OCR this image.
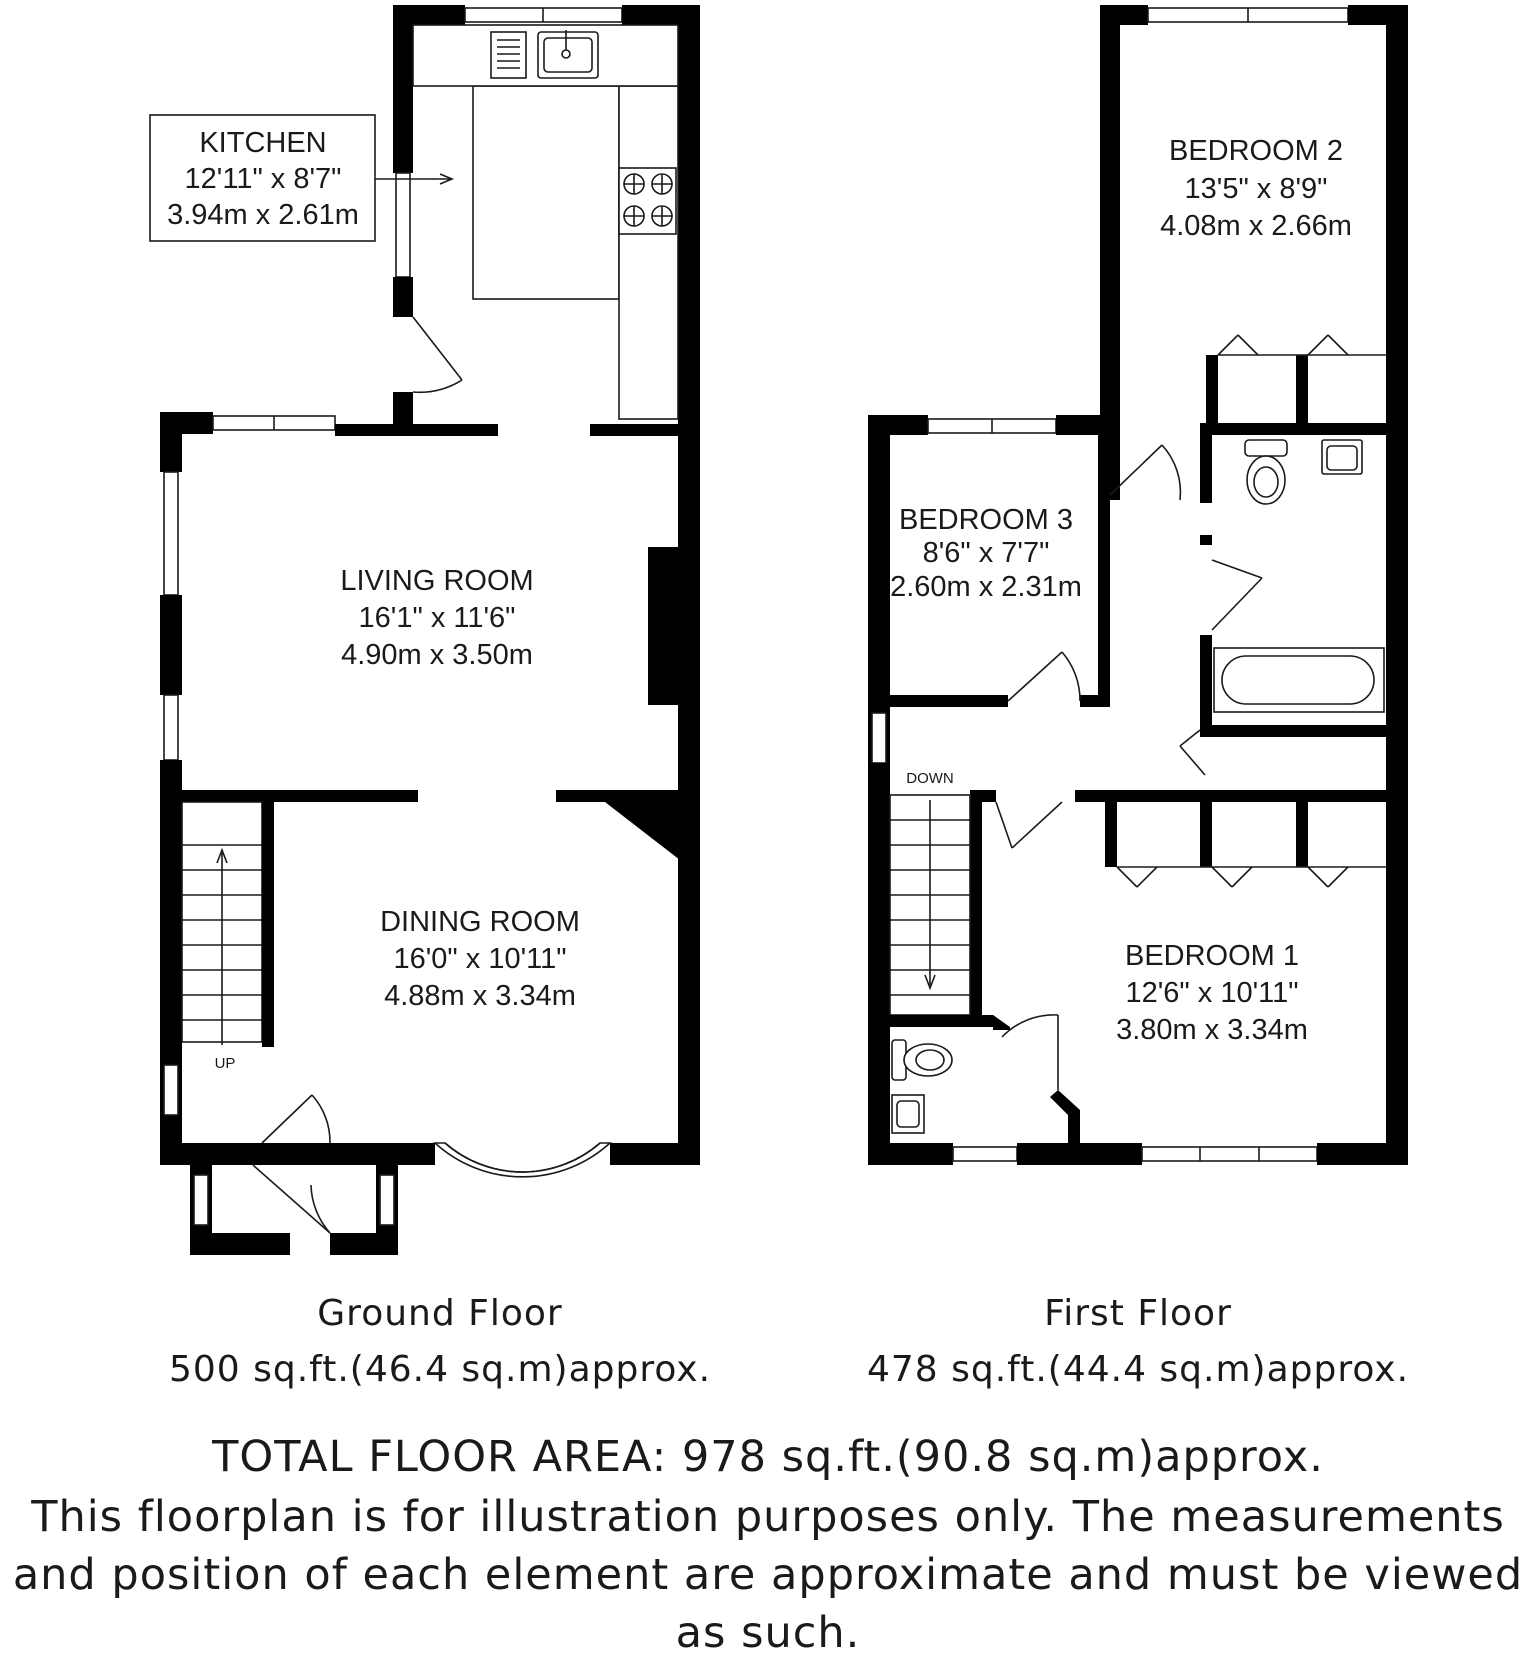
KITCHEN
12'11" x 8'7"
3.94m x 2.61m
LIVING ROOM
16'1" x 11'6"
4.90m x 3.50m
DINING ROOM
16'0" x 10'11"
4.88m x 3.34m
BEDROOM 2
13'5" x 8'9"
4.08m x 2.66m
BEDROOM 3
8'6" x 7'7"
2.60m x 2.31m
BEDROOM 1
12'6" x 10'11"
3.80m x 3.34m
UP
DOWN
Ground Floor
500 sq.ft.(46.4 sq.m)approx.
First Floor
478 sq.ft.(44.4 sq.m)approx.
TOTAL FLOOR AREA: 978 sq.ft.(90.8 sq.m)approx.
This floorplan is for illustration purposes only. The measurements and position of each element are approximate and must be viewed as such.
